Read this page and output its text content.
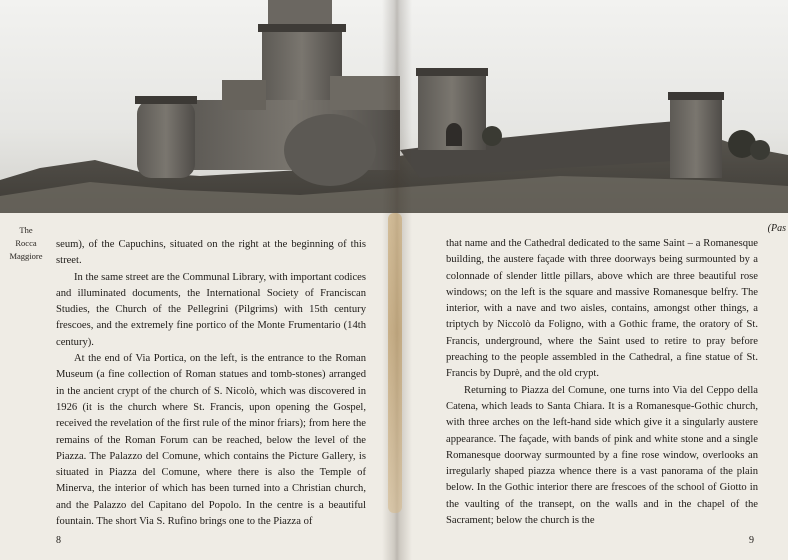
The
Rocca
Maggiore

seum), of the Capuchins, situated on the right at the beginning of this street.

In the same street are the Communal Library, with important codices and illuminated documents, the International Society of Franciscan Studies, the Church of the Pellegrini (Pilgrims) with 15th century frescoes, and the extremely fine portico of the Monte Frumentario (14th century).

At the end of Via Portica, on the left, is the entrance to the Roman Museum (a fine collection of Roman statues and tomb-stones) arranged in the ancient crypt of the church of S. Nicolò, which was discovered in 1926 (it is the church where St. Francis, upon opening the Gospel, received the revelation of the first rule of the minor friars); from here the remains of the Roman Forum can be reached, below the level of the Piazza. The Palazzo del Comune, which contains the Picture Gallery, is situated in Piazza del Comune, where there is also the Temple of Minerva, the interior of which has been turned into a Christian church, and the Palazzo del Capitano del Popolo. In the centre is a beautiful fountain. The short Via S. Rufino brings one to the Piazza of

8
(Pas

that name and the Cathedral dedicated to the same Saint – a Romanesque building, the austere façade with three doorways being surmounted by a colonnade of slender little pillars, above which are three beautiful rose windows; on the left is the square and massive Romanesque belfry. The interior, with a nave and two aisles, contains, amongst other things, a triptych by Niccolò da Foligno, with a Gothic frame, the oratory of St. Francis, underground, where the Saint used to retire to pray before preaching to the people assembled in the Cathedral, a fine statue of St. Francis by Duprè, and the old crypt.

Returning to Piazza del Comune, one turns into Via del Ceppo della Catena, which leads to Santa Chiara. It is a Romanesque-Gothic church, with three arches on the left-hand side which give it a singularly austere appearance. The façade, with bands of pink and white stone and a single Romanesque doorway surmounted by a fine rose window, overlooks an irregularly shaped piazza whence there is a vast panorama of the plain below. In the Gothic interior there are frescoes of the school of Giotto in the vaulting of the transept, on the walls and in the chapel of the Sacrament; below the church is the

9
